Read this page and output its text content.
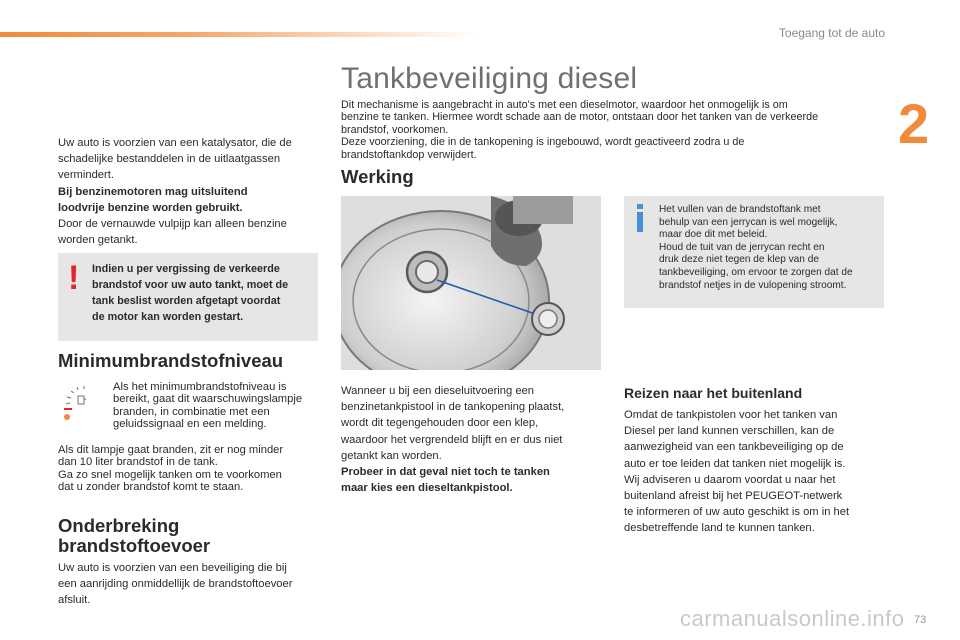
Toegang tot de auto
2
Uw auto is voorzien van een katalysator, die de
schadelijke bestanddelen in de uitlaatgassen
vermindert.
Bij benzinemotoren mag uitsluitend
loodvrije benzine worden gebruikt.
Door de vernauwde vulpijp kan alleen benzine
worden getankt.
! Indien u per vergissing de verkeerde
brandstof voor uw auto tankt, moet de
tank beslist worden afgetapt voordat
de motor kan worden gestart.
Minimumbrandstofniveau
Als het minimumbrandstofniveau is
bereikt, gaat dit waarschuwingslampje
branden, in combinatie met een
geluidssignaal en een melding.
Als dit lampje gaat branden, zit er nog minder
dan 10 liter brandstof in de tank.
Ga zo snel mogelijk tanken om te voorkomen
dat u zonder brandstof komt te staan.
Onderbreking
brandstoftoevoer
Uw auto is voorzien van een beveiliging die bij
een aanrijding onmiddellijk de brandstoftoevoer
afsluit.
Tankbeveiliging diesel
Dit mechanisme is aangebracht in auto's met een dieselmotor, waardoor het onmogelijk is om
benzine te tanken. Hiermee wordt schade aan de motor, ontstaan door het tanken van de verkeerde
brandstof, voorkomen.
Deze voorziening, die in de tankopening is ingebouwd, wordt geactiveerd zodra u de
brandstoftankdop verwijdert.
Werking
Wanneer u bij een dieseluitvoering een
benzinetankpistool in de tankopening plaatst,
wordt dit tegengehouden door een klep,
waardoor het vergrendeld blijft en er dus niet
getankt kan worden.
Probeer in dat geval niet toch te tanken
maar kies een dieseltankpistool.
Het vullen van de brandstoftank met
behulp van een jerrycan is wel mogelijk,
maar doe dit met beleid.
Houd de tuit van de jerrycan recht en
druk deze niet tegen de klep van de
tankbeveiliging, om ervoor te zorgen dat de
brandstof netjes in de vulopening stroomt.
Reizen naar het buitenland
Omdat de tankpistolen voor het tanken van
Diesel per land kunnen verschillen, kan de
aanwezigheid van een tankbeveiliging op de
auto er toe leiden dat tanken niet mogelijk is.
Wij adviseren u daarom voordat u naar het
buitenland afreist bij het PEUGEOT-netwerk
te informeren of uw auto geschikt is om in het
desbetreffende land te kunnen tanken.
carmanualsonline.info 73
